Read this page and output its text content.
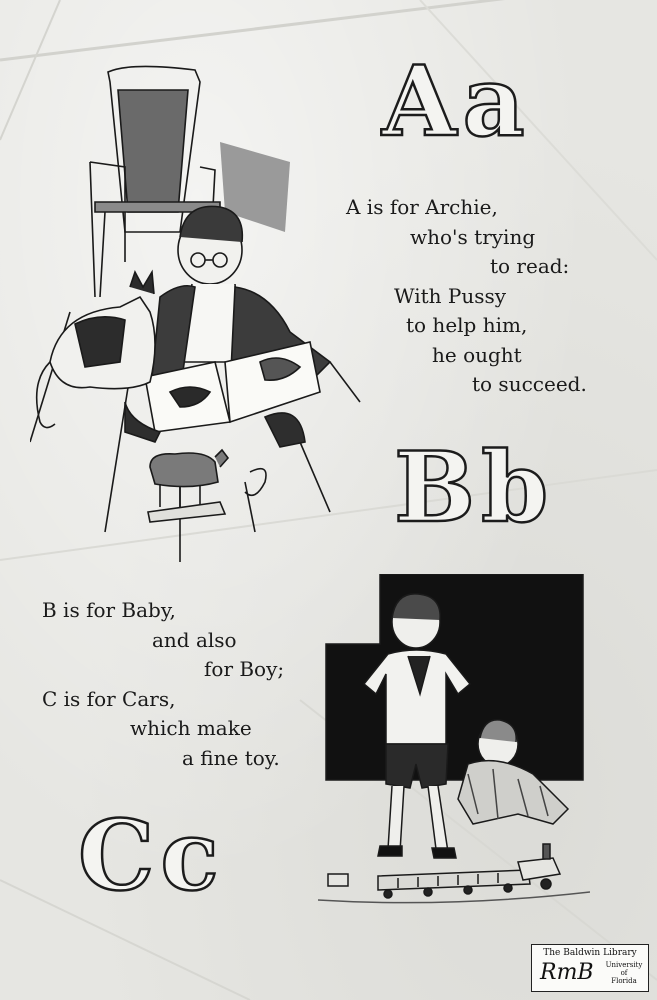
Aa
Bb
Cc
A is for Archie,
who's trying
to read:
With Pussy
to help him,
he ought
to succeed.
B is for Baby,
and also
for Boy;
C is for Cars,
which make
a fine toy.
The Baldwin Library
RmB University
of
Florida
